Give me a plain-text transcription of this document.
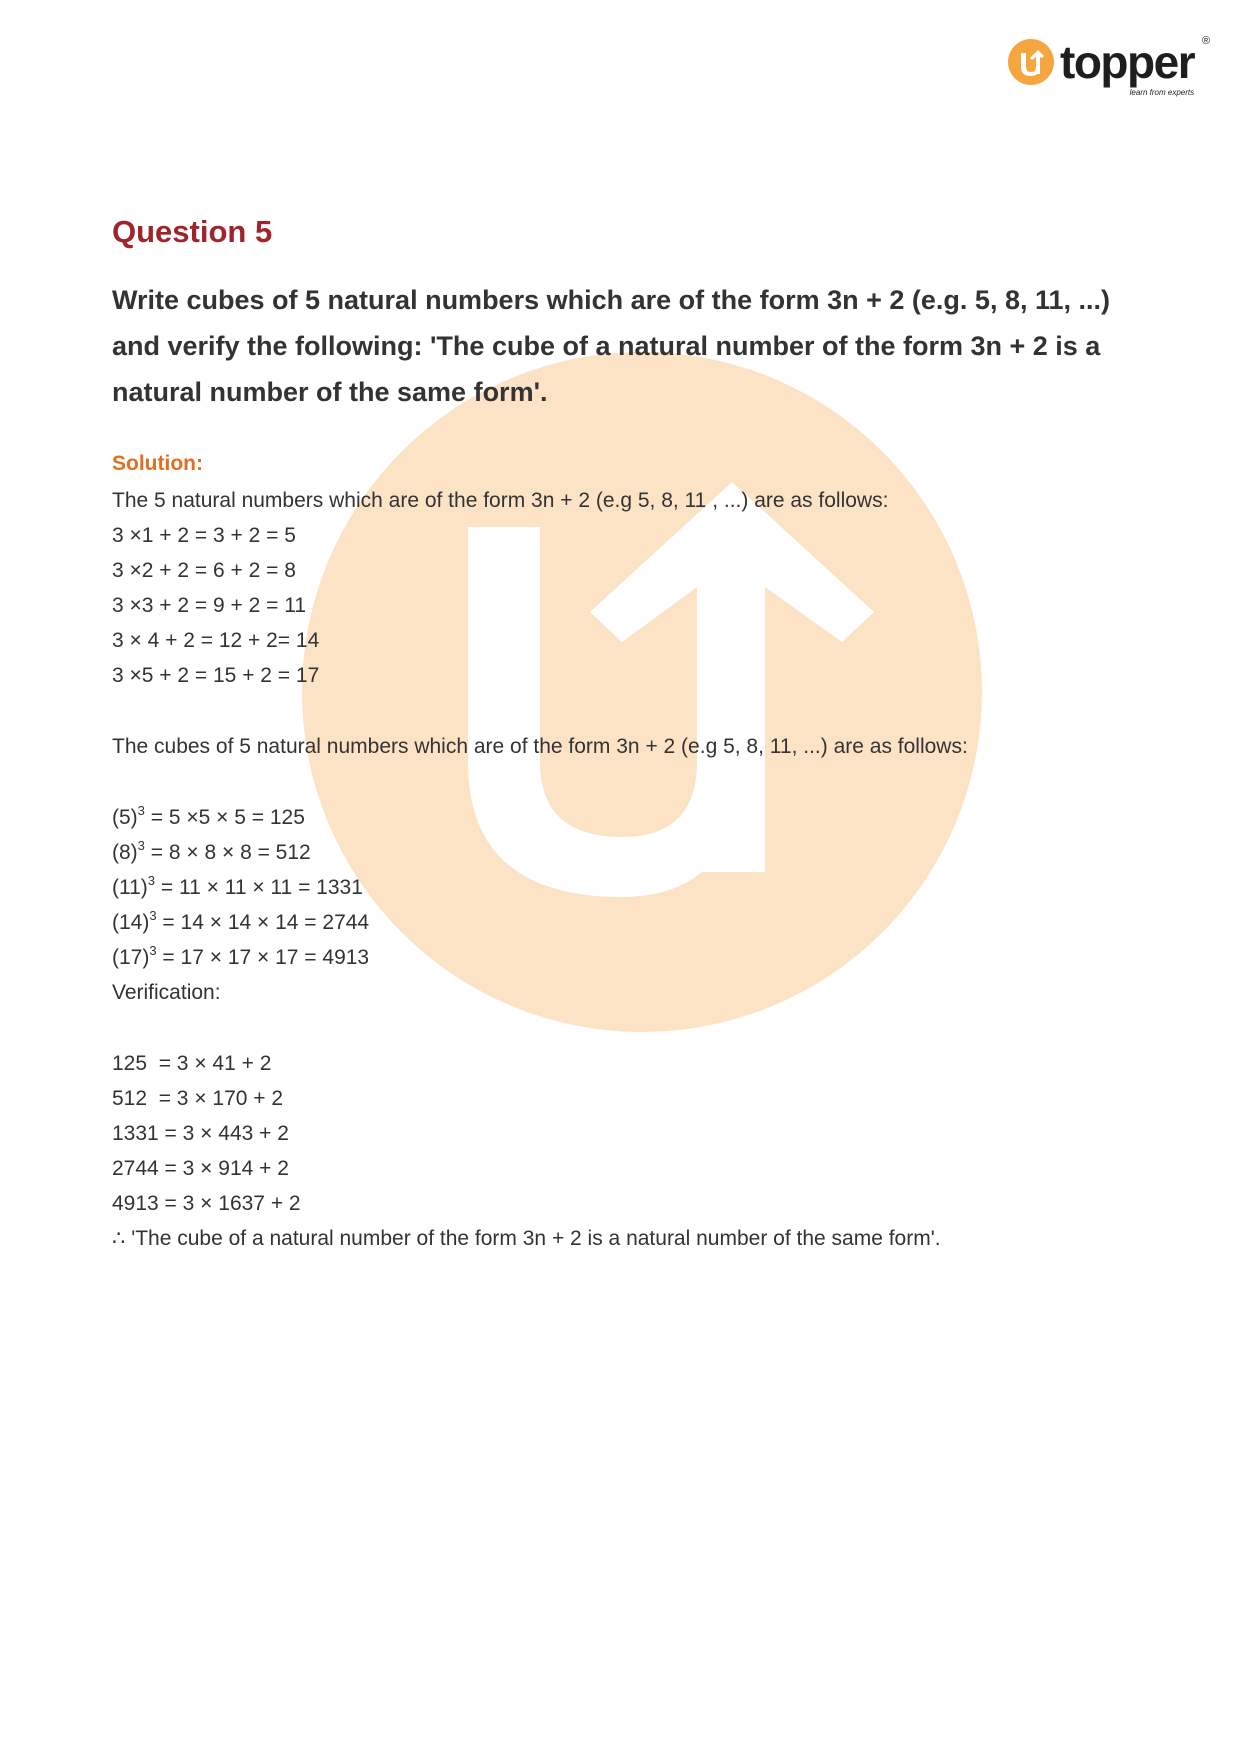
topper ®
learn from experts
Question 5

Write cubes of 5 natural numbers which are of the form 3n + 2 (e.g. 5, 8, 11, ...) and verify the following: 'The cube of a natural number of the form 3n + 2 is a natural number of the same form'.

Solution:
The 5 natural numbers which are of the form 3n + 2 (e.g 5, 8, 11 , ...) are as follows:
3 ×1 + 2 = 3 + 2 = 5
3 ×2 + 2 = 6 + 2 = 8
3 ×3 + 2 = 9 + 2 = 11
3 × 4 + 2 = 12 + 2= 14
3 ×5 + 2 = 15 + 2 = 17
The cubes of 5 natural numbers which are of the form 3n + 2 (e.g 5, 8, 11, ...) are as follows:
$(5)^3 = 5 \times 5 \times 5 = 125$
$(8)^3 = 8 \times 8 \times 8 = 512$
$(11)^3 = 11 \times 11 \times 11 = 1331$
$(14)^3 = 14 \times 14 \times 14 = 2744$
$(17)^3 = 17 \times 17 \times 17 = 4913$
Verification:
125  = 3 × 41 + 2
512  = 3 × 170 + 2
1331 = 3 × 443 + 2
2744 = 3 × 914 + 2
4913 = 3 × 1637 + 2
∴ 'The cube of a natural number of the form 3n + 2 is a natural number of the same form'.
